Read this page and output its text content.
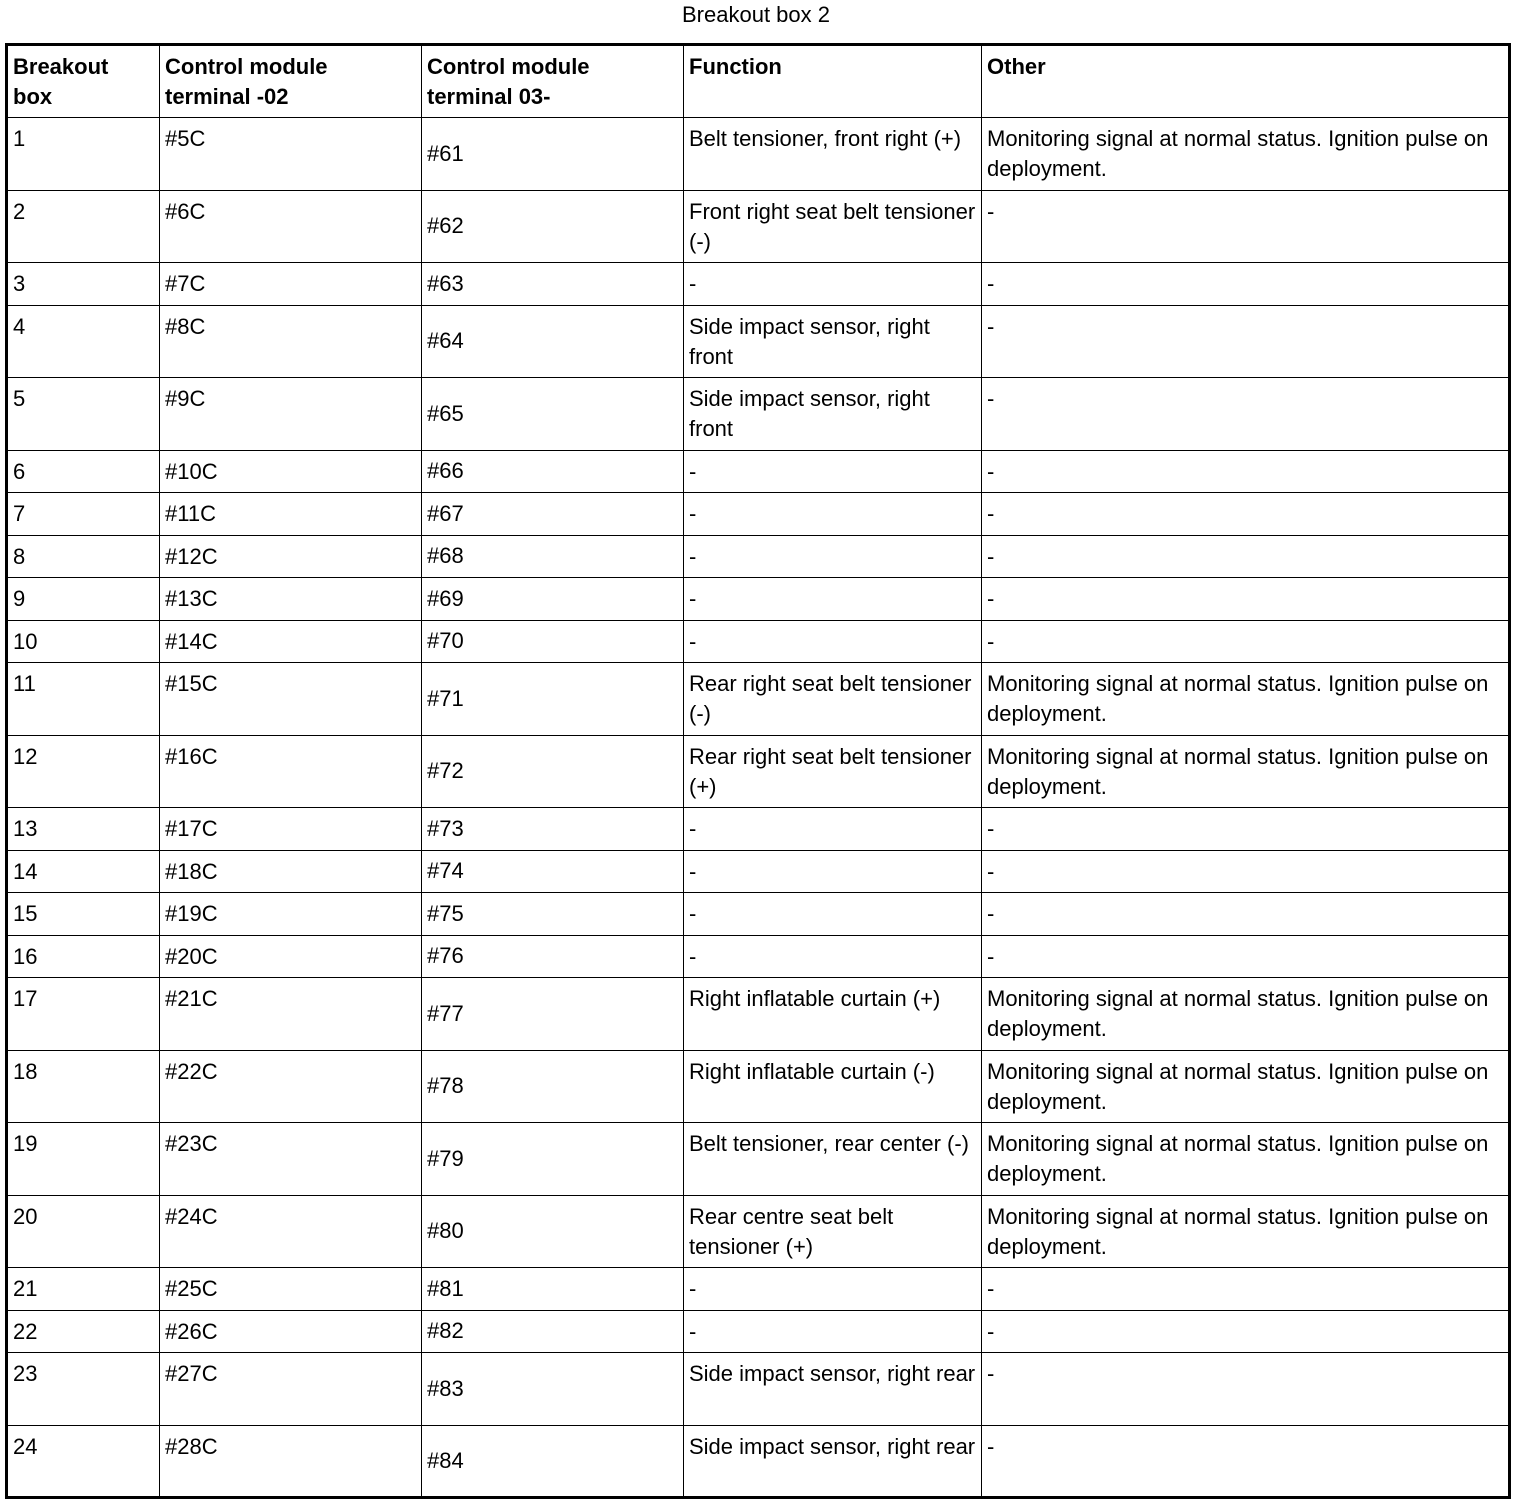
Breakout box 2
Breakout
box	Control module terminal -02	Control module terminal 03-	Function	Other
1	#5C	#61	Belt tensioner, front right (+)	Monitoring signal at normal status. Ignition pulse on deployment.
2	#6C	#62	Front right seat belt tensioner (-)	-
3	#7C	#63	-	-
4	#8C	#64	Side impact sensor, right front	-
5	#9C	#65	Side impact sensor, right front	-
6	#10C	#66	-	-
7	#11C	#67	-	-
8	#12C	#68	-	-
9	#13C	#69	-	-
10	#14C	#70	-	-
11	#15C	#71	Rear right seat belt tensioner (-)	Monitoring signal at normal status. Ignition pulse on deployment.
12	#16C	#72	Rear right seat belt tensioner (+)	Monitoring signal at normal status. Ignition pulse on deployment.
13	#17C	#73	-	-
14	#18C	#74	-	-
15	#19C	#75	-	-
16	#20C	#76	-	-
17	#21C	#77	Right inflatable curtain (+)	Monitoring signal at normal status. Ignition pulse on deployment.
18	#22C	#78	Right inflatable curtain (-)	Monitoring signal at normal status. Ignition pulse on deployment.
19	#23C	#79	Belt tensioner, rear center (-)	Monitoring signal at normal status. Ignition pulse on deployment.
20	#24C	#80	Rear centre seat belt tensioner (+)	Monitoring signal at normal status. Ignition pulse on deployment.
21	#25C	#81	-	-
22	#26C	#82	-	-
23	#27C	#83	Side impact sensor, right rear	-
24	#28C	#84	Side impact sensor, right rear	-
